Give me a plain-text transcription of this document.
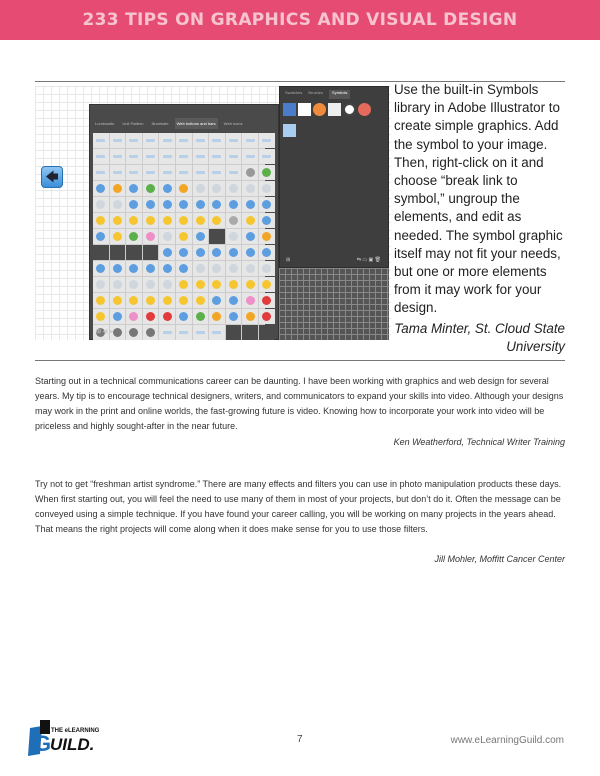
233 TIPS ON GRAPHICS AND VISUAL DESIGN
🡄
Luminosite	Unit Pattern	Illuminate	Web buttons and bars	Web Icons
⊞ ◀ ▶
Swatches Brushes	Symbols
⊞	⇆ ▭ ▣ 🗑
Use the built-in Symbols library in Adobe Illustrator to create simple graphics. Add the symbol to your image. Then, right-click on it and choose “break link to symbol,” ungroup the elements, and edit as needed. The symbol graphic itself may not fit your needs, but one or more elements from it may work for your design.
Tama Minter, St. Cloud State University
Starting out in a technical communications career can be daunting. I have been working with graphics and web design for several years. My tip is to encourage technical designers, writers, and communicators to expand your skills into video. Although your designs may work in the print and online worlds, the fast-growing future is video. Knowing how to incorporate your work into video will be priceless and highly sought-after in the near future.
Ken Weatherford, Technical Writer Training
Try not to get “freshman artist syndrome.” There are many effects and filters you can use in photo manipulation products these days. When first starting out, you will feel the need to use many of them in most of your projects, but don’t do it. Often the message can be conveyed using a simple technique. If you have found your career calling, you will be working on many projects in the years ahead. That means the right projects will come along when it does make sense for you to use those filters.
Jill Mohler, Moffitt Cancer Center
G THE eLEARNING
UILD.	7	www.eLearningGuild.com
